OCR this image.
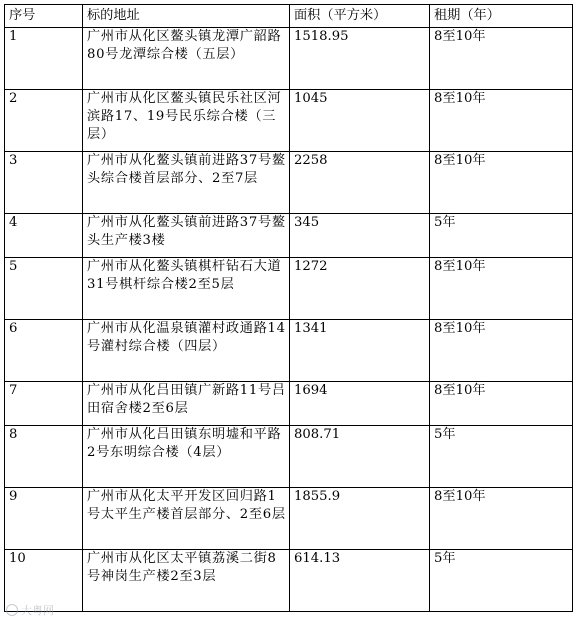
序号	标的地址	面积（平方米）	租期（年）
1	广州市从化区鳌头镇龙潭广韶路80号龙潭综合楼（五层）	1518.95	8至10年
2	广州市从化区鳌头镇民乐社区河滨路17、19号民乐综合楼（三层）	1045	8至10年
3	广州市从化鳌头镇前进路37号鳌头综合楼首层部分、2至7层	2258	8至10年
4	广州市从化鳌头镇前进路37号鳌头生产楼3楼	345	5年
5	广州市从化鳌头镇棋杆钻石大道31号棋杆综合楼2至5层	1272	8至10年
6	广州市从化温泉镇灌村政通路14号灌村综合楼（四层）	1341	8至10年
7	广州市从化吕田镇广新路11号吕田宿舍楼2至6层	1694	8至10年
8	广州市从化吕田镇东明墟和平路2号东明综合楼（4层）	808.71	5年
9	广州市从化太平开发区回归路1号太平生产楼首层部分、2至6层	1855.9	8至10年
10	广州市从化区太平镇荔溪二街8号神岗生产楼2至3层	614.13	5年
大粤网
